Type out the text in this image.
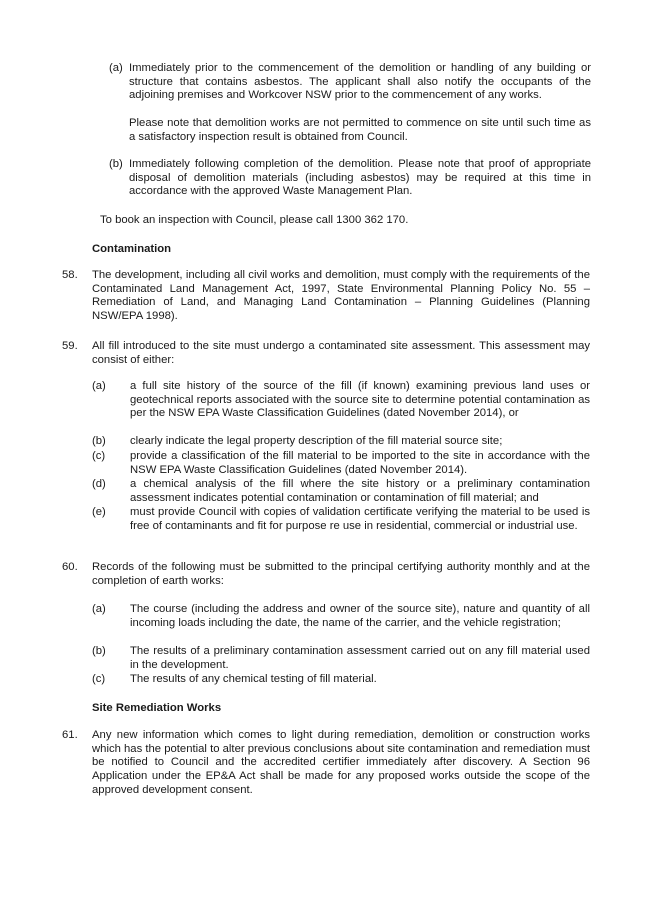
(a) Immediately prior to the commencement of the demolition or handling of any building or structure that contains asbestos. The applicant shall also notify the occupants of the adjoining premises and Workcover NSW prior to the commencement of any works.

Please note that demolition works are not permitted to commence on site until such time as a satisfactory inspection result is obtained from Council.

(b) Immediately following completion of the demolition. Please note that proof of appropriate disposal of demolition materials (including asbestos) may be required at this time in accordance with the approved Waste Management Plan.

To book an inspection with Council, please call 1300 362 170.

Contamination

58. The development, including all civil works and demolition, must comply with the requirements of the Contaminated Land Management Act, 1997, State Environmental Planning Policy No. 55 – Remediation of Land, and Managing Land Contamination – Planning Guidelines (Planning NSW/EPA 1998).

59. All fill introduced to the site must undergo a contaminated site assessment. This assessment may consist of either:

(a) a full site history of the source of the fill (if known) examining previous land uses or geotechnical reports associated with the source site to determine potential contamination as per the NSW EPA Waste Classification Guidelines (dated November 2014), or

(b) clearly indicate the legal property description of the fill material source site;

(c) provide a classification of the fill material to be imported to the site in accordance with the NSW EPA Waste Classification Guidelines (dated November 2014).

(d) a chemical analysis of the fill where the site history or a preliminary contamination assessment indicates potential contamination or contamination of fill material; and

(e) must provide Council with copies of validation certificate verifying the material to be used is free of contaminants and fit for purpose re use in residential, commercial or industrial use.

60. Records of the following must be submitted to the principal certifying authority monthly and at the completion of earth works:

(a) The course (including the address and owner of the source site), nature and quantity of all incoming loads including the date, the name of the carrier, and the vehicle registration;

(b) The results of a preliminary contamination assessment carried out on any fill material used in the development.

(c) The results of any chemical testing of fill material.

Site Remediation Works

61. Any new information which comes to light during remediation, demolition or construction works which has the potential to alter previous conclusions about site contamination and remediation must be notified to Council and the accredited certifier immediately after discovery. A Section 96 Application under the EP&A Act shall be made for any proposed works outside the scope of the approved development consent.
